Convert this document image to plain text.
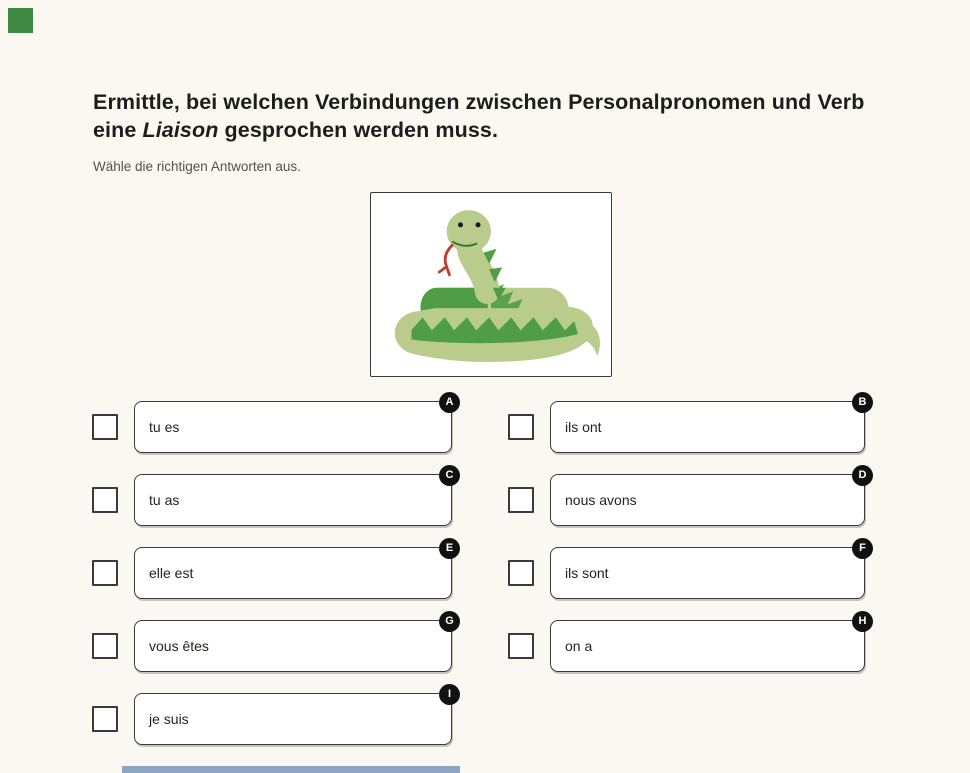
Ermittle, bei welchen Verbindungen zwischen Personalpronomen und Verb eine Liaison gesprochen werden muss.

Wähle die richtigen Antworten aus.

tu es
A
ils ont
B
tu as
C
nous avons
D
elle est
E
ils sont
F
vous êtes
G
on a
H
je suis
I
